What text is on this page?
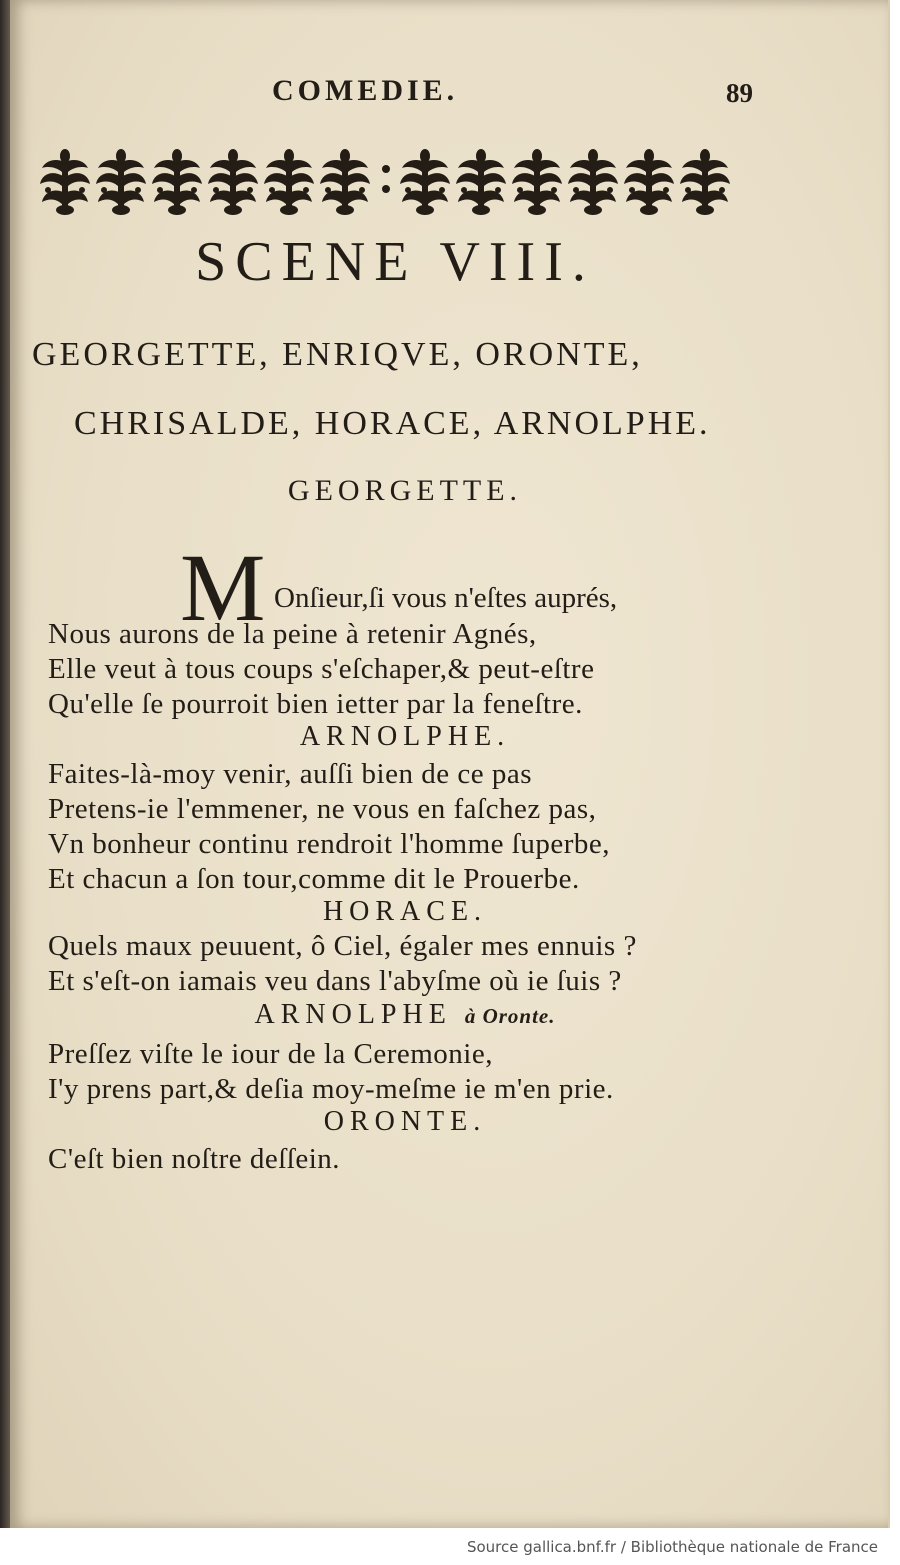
COMEDIE.	89
SCENE VIII.
GEORGETTE, ENRIQVE, ORONTE,
CHRISALDE, HORACE, ARNOLPHE.
GEORGETTE.
M Onſieur,ſi vous n'eſtes auprés,
Nous aurons de la peine à retenir Agnés,
Elle veut à tous coups s'eſchaper,& peut-eſtre
Qu'elle ſe pourroit bien ietter par la feneſtre.
ARNOLPHE.
Faites-là-moy venir, auſſi bien de ce pas
Pretens-ie l'emmener, ne vous en faſchez pas,
Vn bonheur continu rendroit l'homme ſuperbe,
Et chacun a ſon tour,comme dit le Prouerbe.
HORACE.
Quels maux peuuent, ô Ciel, égaler mes ennuis ?
Et s'eſt-on iamais veu dans l'abyſme où ie ſuis ?
ARNOLPHE à Oronte.
Preſſez viſte le iour de la Ceremonie,
I'y prens part,& deſia moy-meſme ie m'en prie.
ORONTE.
C'eſt bien noſtre deſſein.
Source gallica.bnf.fr / Bibliothèque nationale de France
